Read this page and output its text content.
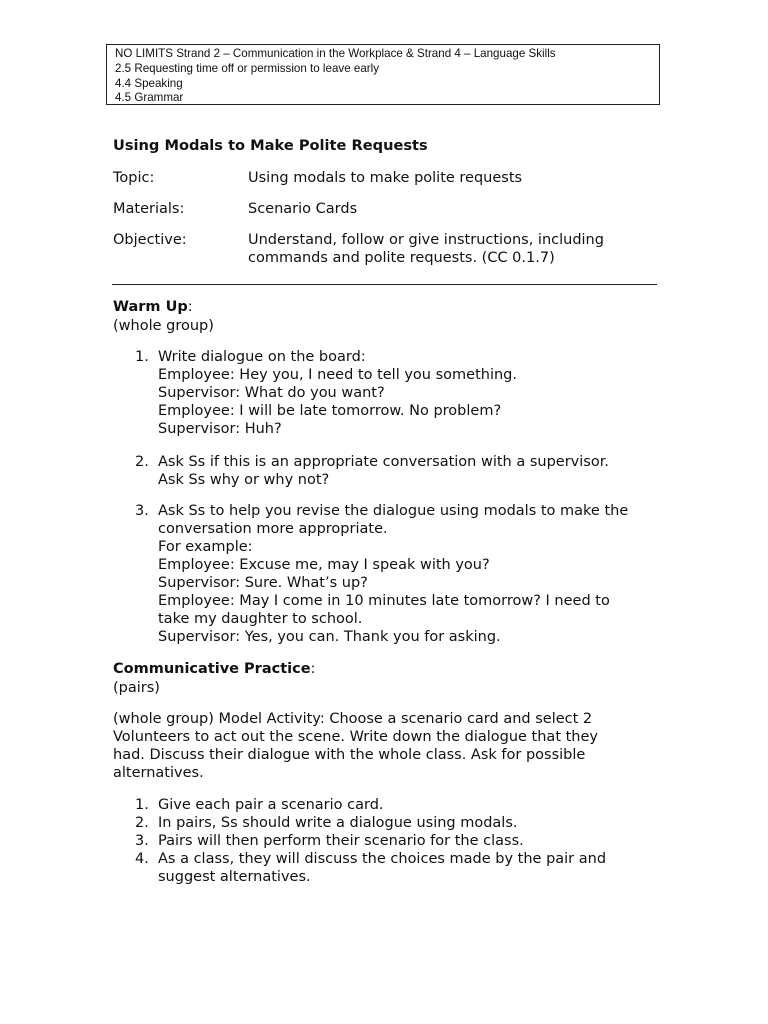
NO LIMITS Strand 2 – Communication in the Workplace & Strand 4 – Language Skills
2.5 Requesting time off or permission to leave early
4.4 Speaking
4.5 Grammar
Using Modals to Make Polite Requests
Topic:	Using modals to make polite requests
Materials:	Scenario Cards
Objective:	Understand, follow or give instructions, including commands and polite requests. (CC 0.1.7)
Warm Up:
(whole group)
1. Write dialogue on the board:
Employee: Hey you, I need to tell you something.
Supervisor: What do you want?
Employee: I will be late tomorrow. No problem?
Supervisor: Huh?
2. Ask Ss if this is an appropriate conversation with a supervisor.
Ask Ss why or why not?
3. Ask Ss to help you revise the dialogue using modals to make the
conversation more appropriate.
For example:
Employee: Excuse me, may I speak with you?
Supervisor: Sure. What’s up?
Employee: May I come in 10 minutes late tomorrow? I need to
take my daughter to school.
Supervisor: Yes, you can. Thank you for asking.
Communicative Practice:
(pairs)
(whole group) Model Activity: Choose a scenario card and select 2 Volunteers to act out the scene. Write down the dialogue that they had. Discuss their dialogue with the whole class. Ask for possible alternatives.
1. Give each pair a scenario card.
2. In pairs, Ss should write a dialogue using modals.
3. Pairs will then perform their scenario for the class.
4. As a class, they will discuss the choices made by the pair and
suggest alternatives.
